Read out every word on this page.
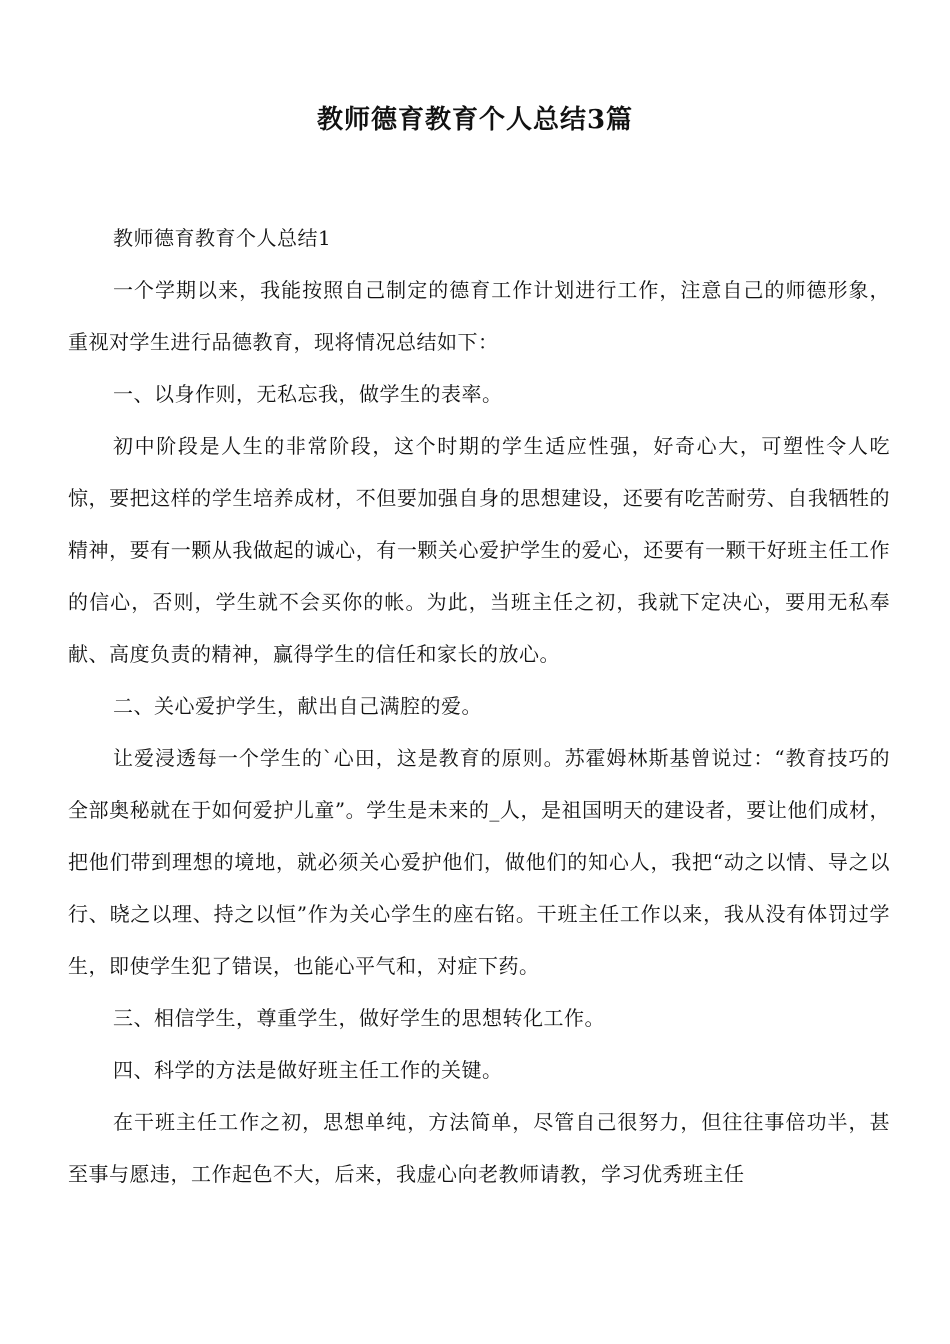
教师德育教育个人总结3篇

教师德育教育个人总结1

一个学期以来，我能按照自己制定的德育工作计划进行工作，注意自己的师德形象，重视对学生进行品德教育，现将情况总结如下：

一、以身作则，无私忘我，做学生的表率。

初中阶段是人生的非常阶段，这个时期的学生适应性强，好奇心大，可塑性令人吃惊，要把这样的学生培养成材，不但要加强自身的思想建设，还要有吃苦耐劳、自我牺牲的精神，要有一颗从我做起的诚心，有一颗关心爱护学生的爱心，还要有一颗干好班主任工作的信心，否则，学生就不会买你的帐。为此，当班主任之初，我就下定决心，要用无私奉献、高度负责的精神，赢得学生的信任和家长的放心。

二、关心爱护学生，献出自己满腔的爱。

让爱浸透每一个学生的`心田，这是教育的原则。苏霍姆林斯基曾说过：“教育技巧的全部奥秘就在于如何爱护儿童”。学生是未来的_人，是祖国明天的建设者，要让他们成材，把他们带到理想的境地，就必须关心爱护他们，做他们的知心人，我把“动之以情、导之以行、晓之以理、持之以恒”作为关心学生的座右铭。干班主任工作以来，我从没有体罚过学生，即使学生犯了错误，也能心平气和，对症下药。

三、相信学生，尊重学生，做好学生的思想转化工作。

四、科学的方法是做好班主任工作的关键。

在干班主任工作之初，思想单纯，方法简单，尽管自己很努力，但往往事倍功半，甚至事与愿违，工作起色不大，后来，我虚心向老教师请教，学习优秀班主任
